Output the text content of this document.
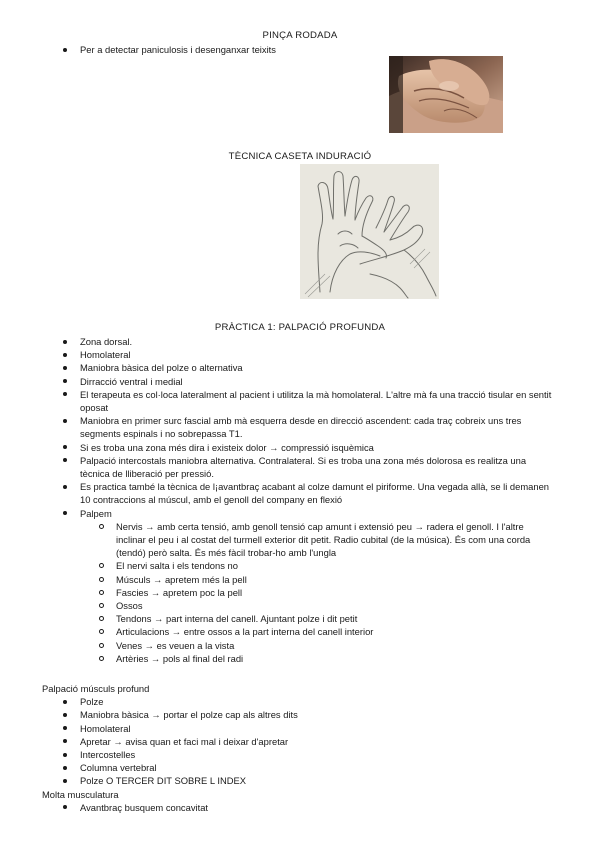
PINÇA RODADA
Per a detectar paniculosis i desenganxar teixits
TÈCNICA CASETA INDURACIÓ
PRÀCTICA 1: PALPACIÓ PROFUNDA
Zona dorsal.
Homolateral
Maniobra bàsica del polze o alternativa
Dirracció ventral i medial
El terapeuta es col·loca lateralment al pacient i utilitza la mà homolateral. L'altre mà fa una tracció tisular en sentit oposat
Maniobra en primer surc fascial amb mà esquerra desde en direcció ascendent: cada traç cobreix uns tres segments espinals i no sobrepassa T1.
Si es troba una zona més dira i existeix dolor → compressió isquèmica
Palpació intercostals maniobra alternativa. Contralateral. Si es troba una zona més dolorosa es realitza una tècnica de lliberació per pressió.
Es practica també la tècnica de l¡avantbraç acabant al colze damunt el piriforme. Una vegada allà, se li demanen 10 contraccions al múscul, amb el genoll del company en flexió
Palpem
Nervis → amb certa tensió, amb genoll tensió cap amunt i extensió peu → radera el genoll. I l'altre inclinar el peu i al costat del turmell exterior dit petit. Radio cubital (de la música). És com una corda (tendó) però salta. És més fàcil trobar-ho amb l'ungla
El nervi salta i els tendons no
Músculs → apretem més la pell
Fascies → apretem poc la pell
Ossos
Tendons → part interna del canell. Ajuntant polze i dit petit
Articulacions → entre ossos a la part interna del canell interior
Venes → es veuen a la vista
Artèries → pols al final del radi
Palpació músculs profund
Polze
Maniobra bàsica → portar el polze cap als altres dits
Homolateral
Apretar → avisa quan et faci mal i deixar d'apretar
Intercostelles
Columna vertebral
Polze O TERCER DIT SOBRE L INDEX
Molta musculatura
Avantbraç busquem concavitat
